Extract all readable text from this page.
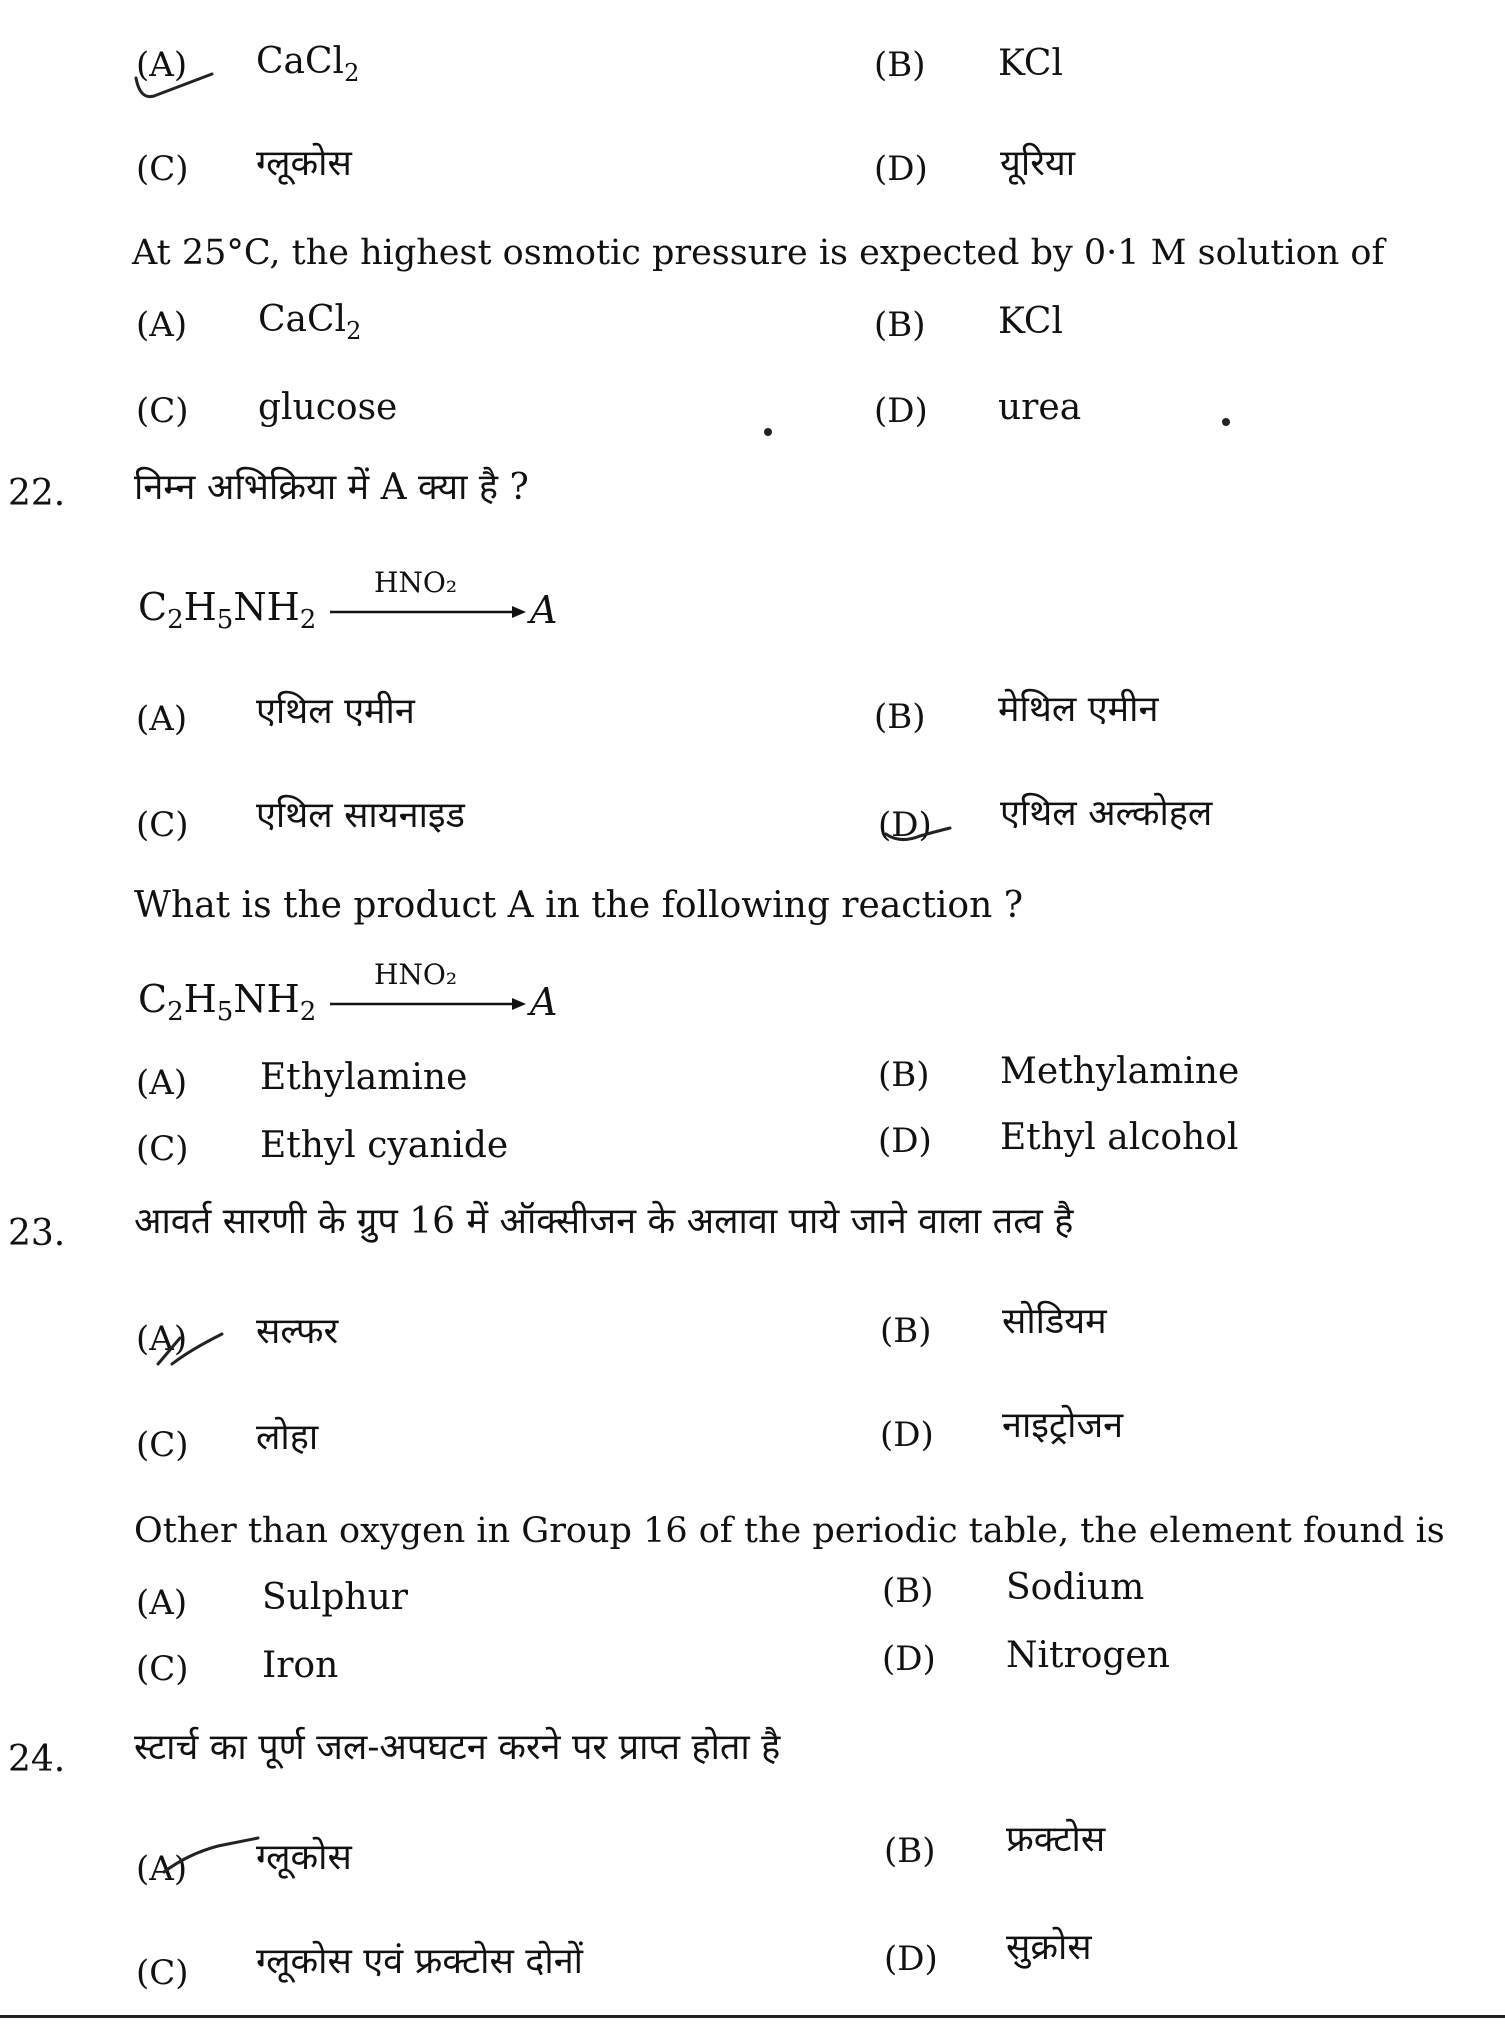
(A) CaCl$_2$	(B) KCl
(C) ग्लूकोस	(D) यूरिया
At 25°C, the highest osmotic pressure is expected by 0·1 M solution of
(A) CaCl$_2$	(B) KCl
(C) glucose	(D) urea
22. निम्न अभिक्रिया में A क्या है ?
$C_2H_5NH_2$
HNO₂
A
(A) एथिल एमीन	(B) मेथिल एमीन
(C) एथिल सायनाइड	(D) एथिल अल्कोहल
What is the product A in the following reaction ?
$C_2H_5NH_2$
HNO₂
A
(A) Ethylamine	(B) Methylamine
(C) Ethyl cyanide	(D) Ethyl alcohol
23. आवर्त सारणी के ग्रुप 16 में ऑक्सीजन के अलावा पाये जाने वाला तत्व है
(A) सल्फर	(B) सोडियम
(C) लोहा	(D) नाइट्रोजन
Other than oxygen in Group 16 of the periodic table, the element found is
(A) Sulphur	(B) Sodium
(C) Iron	(D) Nitrogen
24. स्टार्च का पूर्ण जल-अपघटन करने पर प्राप्त होता है
(A) ग्लूकोस	(B) फ्रक्टोस
(C) ग्लूकोस एवं फ्रक्टोस दोनों	(D) सुक्रोस
